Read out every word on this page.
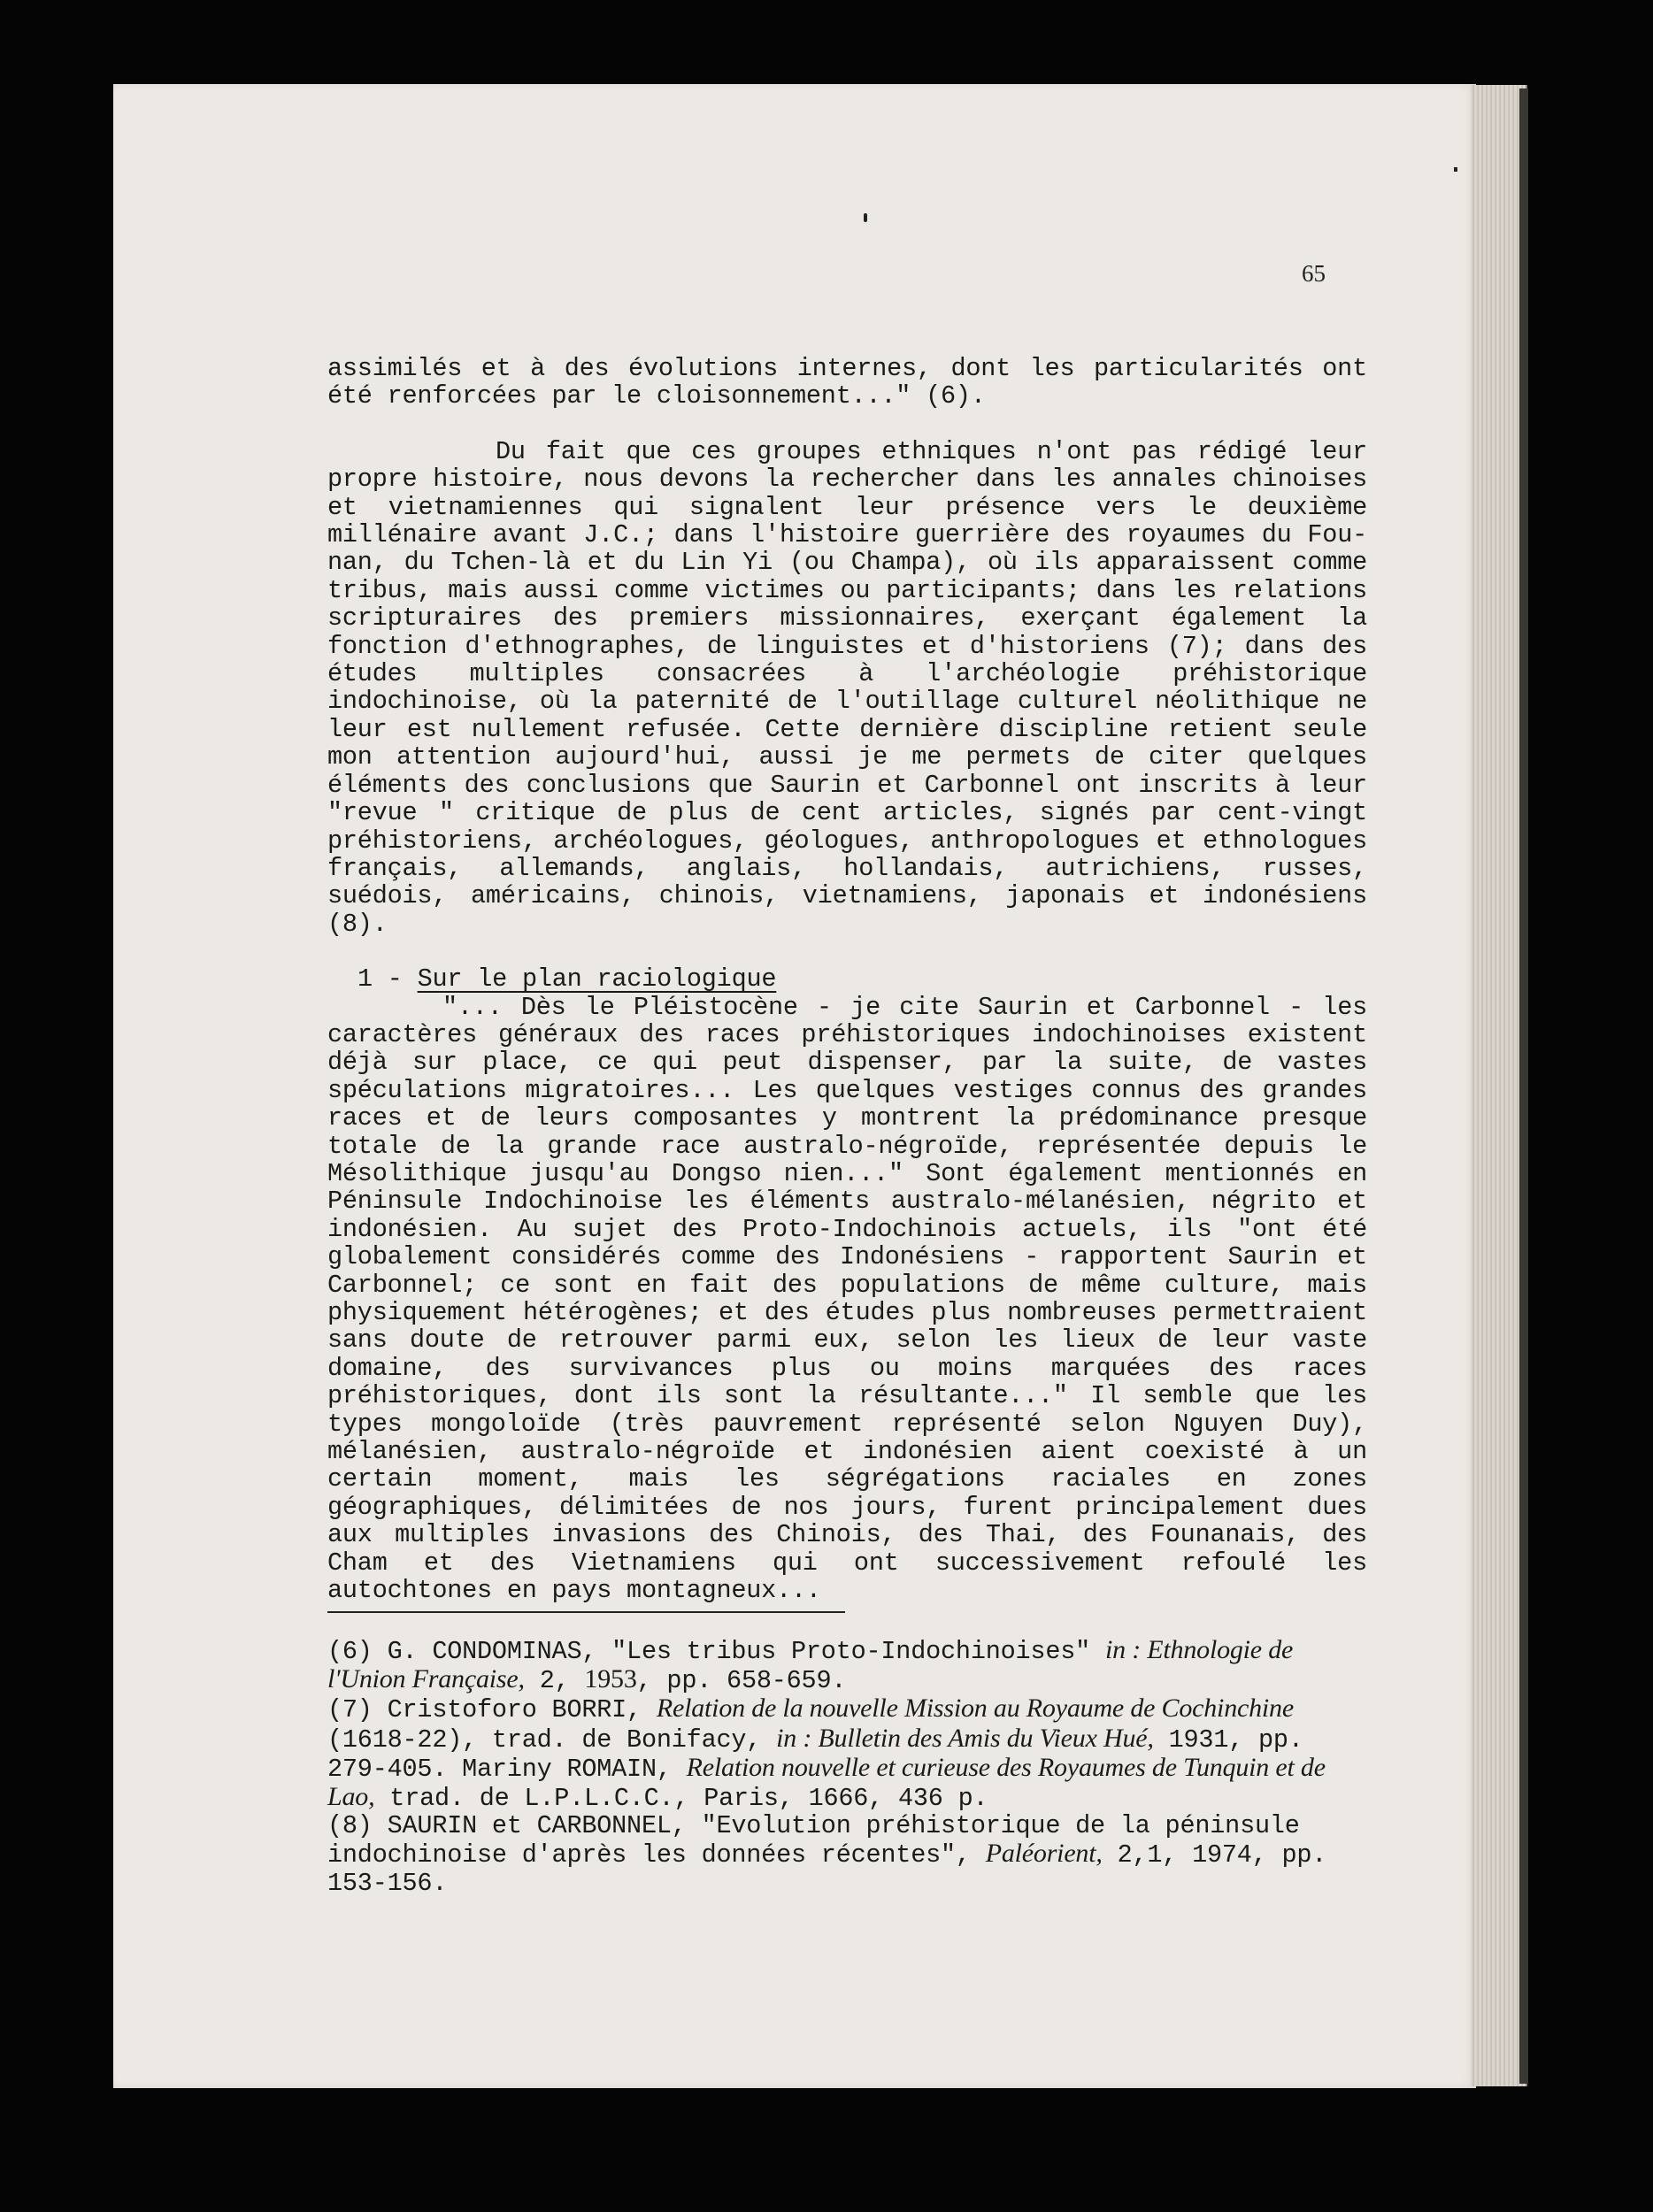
65

assimilés et à des évolutions internes, dont les particularités ont été renforcées par le cloisonnement..." (6).

Du fait que ces groupes ethniques n'ont pas rédigé leur propre histoire, nous devons la rechercher dans les annales chinoises et vietnamiennes qui signalent leur présence vers le deuxième millénaire avant J.C.; dans l'histoire guerrière des royaumes du Fou-nan, du Tchen-là et du Lin Yi (ou Champa), où ils apparaissent comme tribus, mais aussi comme victimes ou participants; dans les relations scripturaires des premiers missionnaires, exerçant également la fonction d'ethnographes, de linguistes et d'historiens (7); dans des études multiples consacrées à l'archéologie préhistorique indochinoise, où la paternité de l'outillage culturel néolithique ne leur est nullement refusée. Cette dernière discipline retient seule mon attention aujourd'hui, aussi je me permets de citer quelques éléments des conclusions que Saurin et Carbonnel ont inscrits à leur "revue " critique de plus de cent articles, signés par cent-vingt préhistoriens, archéologues, géologues, anthropologues et ethnologues français, allemands, anglais, hollandais, autrichiens, russes, suédois, américains, chinois, vietnamiens, japonais et indonésiens (8).

1 - Sur le plan raciologique

"... Dès le Pléistocène - je cite Saurin et Carbonnel - les caractères généraux des races préhistoriques indochinoises existent déjà sur place, ce qui peut dispenser, par la suite, de vastes spéculations migratoires... Les quelques vestiges connus des grandes races et de leurs composantes y montrent la prédominance presque totale de la grande race australo-négroïde, représentée depuis le Mésolithique jusqu'au Dongso nien..." Sont également mentionnés en Péninsule Indochinoise les éléments australo-mélanésien, négrito et indonésien. Au sujet des Proto-Indochinois actuels, ils "ont été globalement considérés comme des Indonésiens - rapportent Saurin et Carbonnel; ce sont en fait des populations de même culture, mais physiquement hétérogènes; et des études plus nombreuses permettraient sans doute de retrouver parmi eux, selon les lieux de leur vaste domaine, des survivances plus ou moins marquées des races préhistoriques, dont ils sont la résultante..." Il semble que les types mongoloïde (très pauvrement représenté selon Nguyen Duy), mélanésien, australo-négroïde et indonésien aient coexisté à un certain moment, mais les ségrégations raciales en zones géographiques, délimitées de nos jours, furent principalement dues aux multiples invasions des Chinois, des Thai, des Founanais, des Cham et des Vietnamiens qui ont successivement refoulé les autochtones en pays montagneux...

(6) G. CONDOMINAS, "Les tribus Proto-Indochinoises" in : Ethnologie de l'Union Française, 2, 1953, pp. 658-659.

(7) Cristoforo BORRI, Relation de la nouvelle Mission au Royaume de Cochinchine (1618-22), trad. de Bonifacy, in : Bulletin des Amis du Vieux Hué, 1931, pp. 279-405. Mariny ROMAIN, Relation nouvelle et curieuse des Royaumes de Tunquin et de Lao, trad. de L.P.L.C.C., Paris, 1666, 436 p.

(8) SAURIN et CARBONNEL, "Evolution préhistorique de la péninsule indochinoise d'après les données récentes", Paléorient, 2,1, 1974, pp. 153-156.
